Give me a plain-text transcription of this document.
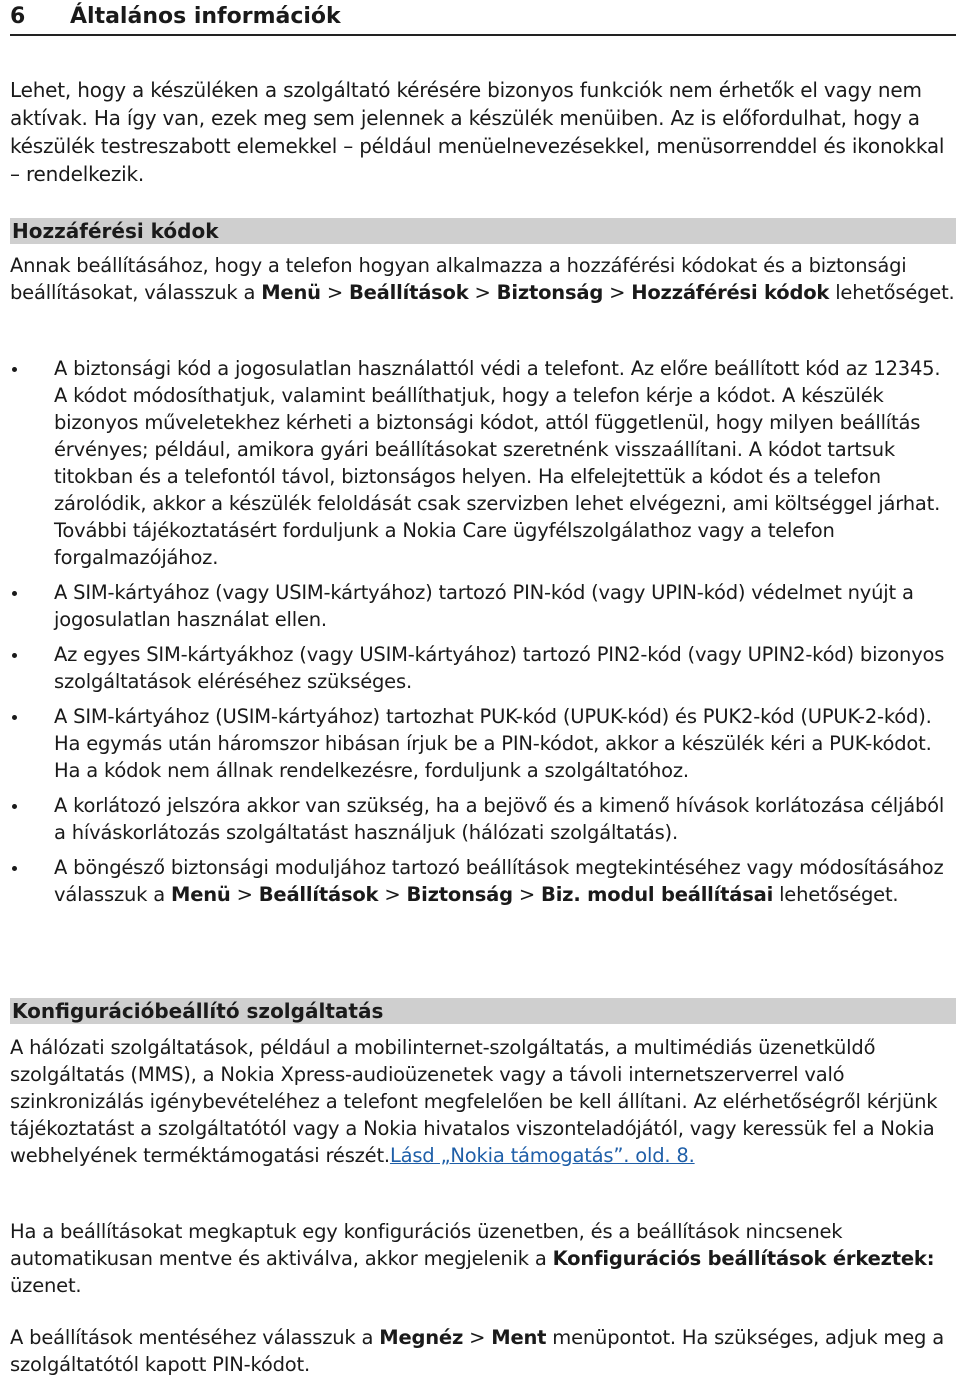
6 Általános információk
Lehet, hogy a készüléken a szolgáltató kérésére bizonyos funkciók nem érhetők el vagy nem aktívak. Ha így van, ezek meg sem jelennek a készülék menüiben. Az is előfordulhat, hogy a készülék testreszabott elemekkel – például menüelnevezésekkel, menüsorrenddel és ikonokkal – rendelkezik.
Hozzáférési kódok
Annak beállításához, hogy a telefon hogyan alkalmazza a hozzáférési kódokat és a biztonsági beállításokat, válasszuk a Menü > Beállítások > Biztonság > Hozzáférési kódok lehetőséget.
A biztonsági kód a jogosulatlan használattól védi a telefont. Az előre beállított kód az 12345. A kódot módosíthatjuk, valamint beállíthatjuk, hogy a telefon kérje a kódot. A készülék bizonyos műveletekhez kérheti a biztonsági kódot, attól függetlenül, hogy milyen beállítás érvényes; például, amikora gyári beállításokat szeretnénk visszaállítani. A kódot tartsuk titokban és a telefontól távol, biztonságos helyen. Ha elfelejtettük a kódot és a telefon zárolódik, akkor a készülék feloldását csak szervizben lehet elvégezni, ami költséggel járhat. További tájékoztatásért forduljunk a Nokia Care ügyfélszolgálathoz vagy a telefon forgalmazójához.
A SIM-kártyához (vagy USIM-kártyához) tartozó PIN-kód (vagy UPIN-kód) védelmet nyújt a jogosulatlan használat ellen.
Az egyes SIM-kártyákhoz (vagy USIM-kártyához) tartozó PIN2-kód (vagy UPIN2-kód) bizonyos szolgáltatások eléréséhez szükséges.
A SIM-kártyához (USIM-kártyához) tartozhat PUK-kód (UPUK-kód) és PUK2-kód (UPUK-2-kód). Ha egymás után háromszor hibásan írjuk be a PIN-kódot, akkor a készülék kéri a PUK-kódot. Ha a kódok nem állnak rendelkezésre, forduljunk a szolgáltatóhoz.
A korlátozó jelszóra akkor van szükség, ha a bejövő és a kimenő hívások korlátozása céljából a híváskorlátozás szolgáltatást használjuk (hálózati szolgáltatás).
A böngésző biztonsági moduljához tartozó beállítások megtekintéséhez vagy módosításához válasszuk a Menü > Beállítások > Biztonság > Biz. modul beállításai lehetőséget.
Konfigurációbeállító szolgáltatás
A hálózati szolgáltatások, például a mobilinternet-szolgáltatás, a multimédiás üzenetküldő szolgáltatás (MMS), a Nokia Xpress-audioüzenetek vagy a távoli internetszerverrel való szinkronizálás igénybevételéhez a telefont megfelelően be kell állítani. Az elérhetőségről kérjünk tájékoztatást a szolgáltatótól vagy a Nokia hivatalos viszonteladójától, vagy keressük fel a Nokia webhelyének terméktámogatási részét.Lásd „Nokia támogatás”. old. 8.
Ha a beállításokat megkaptuk egy konfigurációs üzenetben, és a beállítások nincsenek automatikusan mentve és aktiválva, akkor megjelenik a Konfigurációs beállítások érkeztek: üzenet.
A beállítások mentéséhez válasszuk a Megnéz > Ment menüpontot. Ha szükséges, adjuk meg a szolgáltatótól kapott PIN-kódot.
